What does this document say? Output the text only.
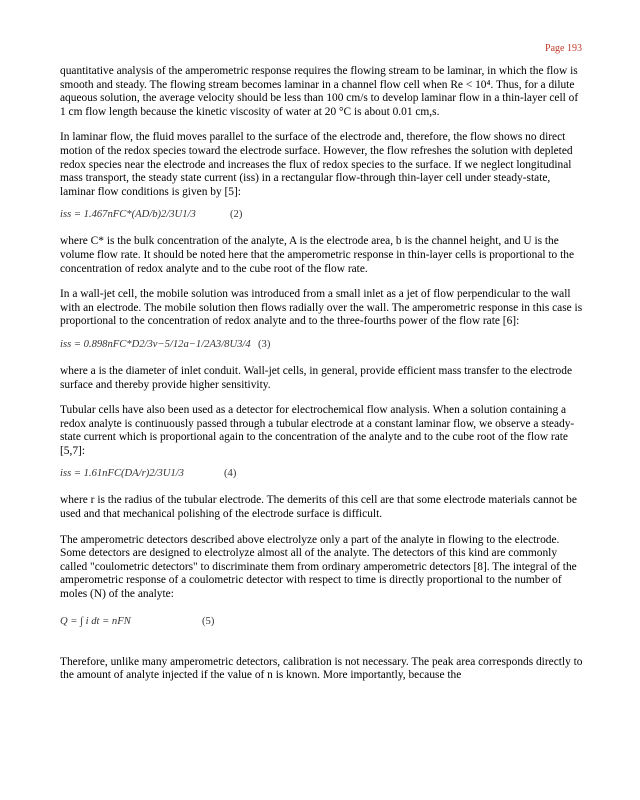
Page 193

quantitative analysis of the amperometric response requires the flowing stream to be laminar, in which the flow is smooth and steady. The flowing stream becomes laminar in a channel flow cell when Re < 10⁴. Thus, for a dilute aqueous solution, the average velocity should be less than 100 cm/s to develop laminar flow in a thin-layer cell of 1 cm flow length because the kinetic viscosity of water at 20 °C is about 0.01 cm,s.

In laminar flow, the fluid moves parallel to the surface of the electrode and, therefore, the flow shows no direct motion of the redox species toward the electrode surface. However, the flow refreshes the solution with depleted redox species near the electrode and increases the flux of redox species to the surface. If we neglect longitudinal mass transport, the steady state current (iss) in a rectangular flow-through thin-layer cell under steady-state, laminar flow conditions is given by [5]:

iss = 1.467nFC*(AD/b)2/3U1/3	(2)

where C* is the bulk concentration of the analyte, A is the electrode area, b is the channel height, and U is the volume flow rate. It should be noted here that the amperometric response in thin-layer cells is proportional to the concentration of redox analyte and to the cube root of the flow rate.

In a wall-jet cell, the mobile solution was introduced from a small inlet as a jet of flow perpendicular to the wall with an electrode. The mobile solution then flows radially over the wall. The amperometric response in this case is proportional to the concentration of redox analyte and to the three-fourths power of the flow rate [6]:

iss = 0.898nFC*D2/3ν−5/12a−1/2A3/8U3/4 (3)

where a is the diameter of inlet conduit. Wall-jet cells, in general, provide efficient mass transfer to the electrode surface and thereby provide higher sensitivity.

Tubular cells have also been used as a detector for electrochemical flow analysis. When a solution containing a redox analyte is continuously passed through a tubular electrode at a constant laminar flow, we observe a steady-state current which is proportional again to the concentration of the analyte and to the cube root of the flow rate [5,7]:

iss = 1.61nFC(DA/r)2/3U1/3	(4)

where r is the radius of the tubular electrode. The demerits of this cell are that some electrode materials cannot be used and that mechanical polishing of the electrode surface is difficult.

The amperometric detectors described above electrolyze only a part of the analyte in flowing to the electrode. Some detectors are designed to electrolyze almost all of the analyte. The detectors of this kind are commonly called "coulometric detectors" to discriminate them from ordinary amperometric detectors [8]. The integral of the amperometric response of a coulometric detector with respect to time is directly proportional to the number of moles (N) of the analyte:

Q = ∫ i dt = nFN	(5)

Therefore, unlike many amperometric detectors, calibration is not necessary. The peak area corresponds directly to the amount of analyte injected if the value of n is known. More importantly, because the
